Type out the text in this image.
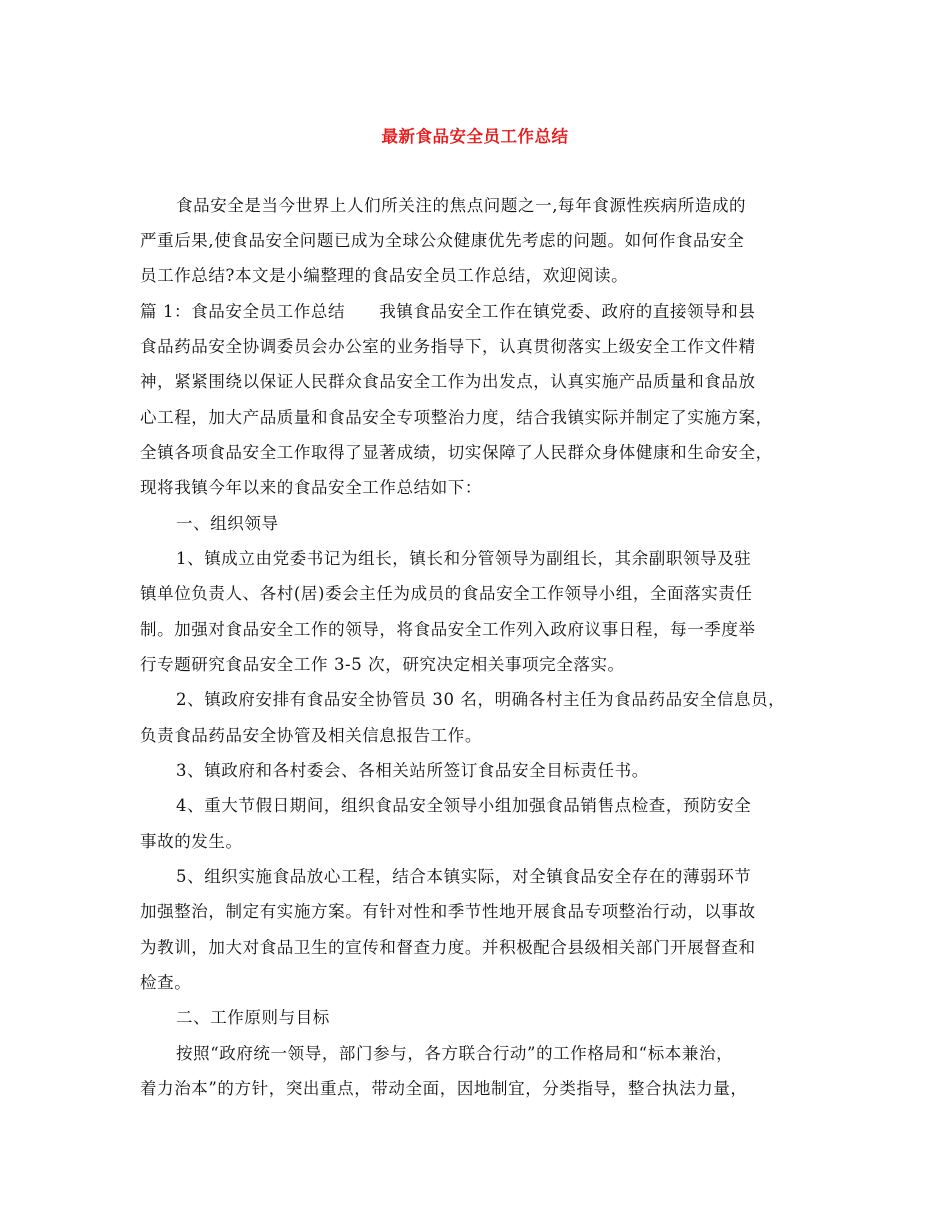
最新食品安全员工作总结
食品安全是当今世界上人们所关注的焦点问题之一,每年食源性疾病所造成的
严重后果,使食品安全问题已成为全球公众健康优先考虑的问题。如何作食品安全
员工作总结?本文是小编整理的食品安全员工作总结，欢迎阅读。
篇 1：食品安全员工作总结　　我镇食品安全工作在镇党委、政府的直接领导和县
食品药品安全协调委员会办公室的业务指导下，认真贯彻落实上级安全工作文件精
神，紧紧围绕以保证人民群众食品安全工作为出发点，认真实施产品质量和食品放
心工程，加大产品质量和食品安全专项整治力度，结合我镇实际并制定了实施方案，
全镇各项食品安全工作取得了显著成绩，切实保障了人民群众身体健康和生命安全，
现将我镇今年以来的食品安全工作总结如下：
一、组织领导
1、镇成立由党委书记为组长，镇长和分管领导为副组长，其余副职领导及驻
镇单位负责人、各村(居)委会主任为成员的食品安全工作领导小组，全面落实责任
制。加强对食品安全工作的领导，将食品安全工作列入政府议事日程，每一季度举
行专题研究食品安全工作 3-5 次，研究决定相关事项完全落实。
2、镇政府安排有食品安全协管员 30 名，明确各村主任为食品药品安全信息员，
负责食品药品安全协管及相关信息报告工作。
3、镇政府和各村委会、各相关站所签订食品安全目标责任书。
4、重大节假日期间，组织食品安全领导小组加强食品销售点检查，预防安全
事故的发生。
5、组织实施食品放心工程，结合本镇实际，对全镇食品安全存在的薄弱环节
加强整治，制定有实施方案。有针对性和季节性地开展食品专项整治行动，以事故
为教训，加大对食品卫生的宣传和督查力度。并积极配合县级相关部门开展督查和
检查。
二、工作原则与目标
按照“政府统一领导，部门参与，各方联合行动”的工作格局和“标本兼治，
着力治本”的方针，突出重点，带动全面，因地制宜，分类指导，整合执法力量，
